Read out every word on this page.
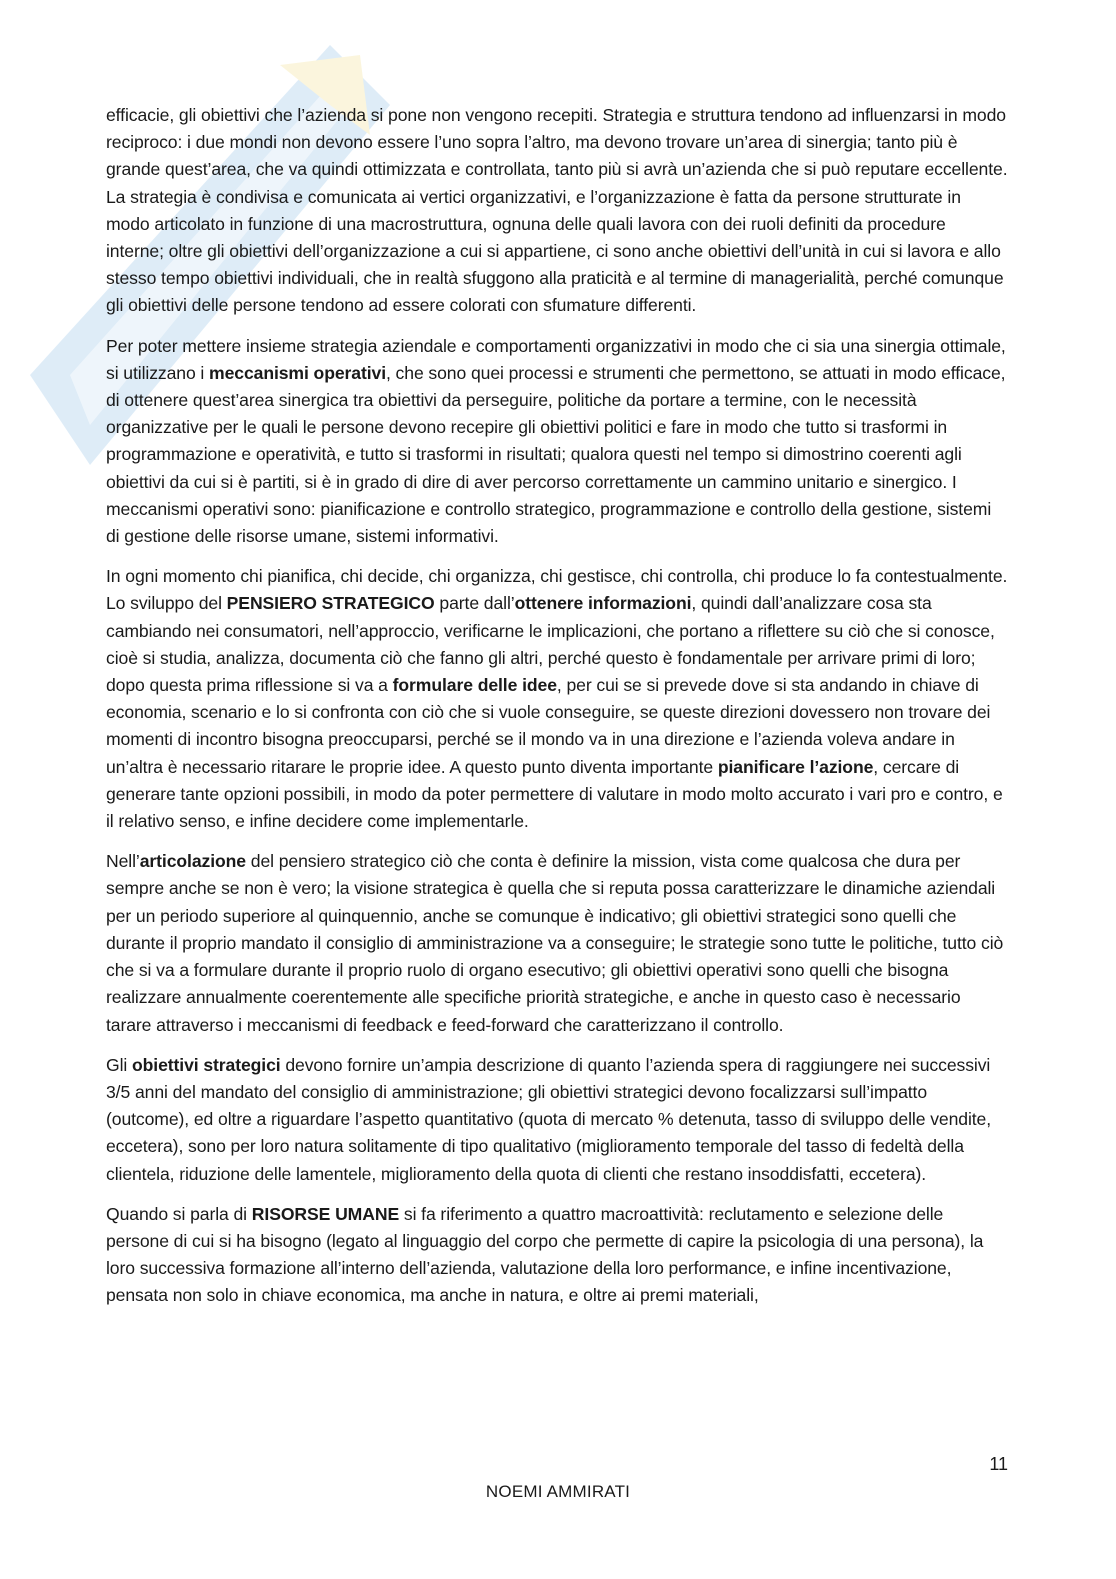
efficacie, gli obiettivi che l’azienda si pone non vengono recepiti. Strategia e struttura tendono ad influenzarsi in modo reciproco: i due mondi non devono essere l’uno sopra l’altro, ma devono trovare un’area di sinergia; tanto più è grande quest’area, che va quindi ottimizzata e controllata, tanto più si avrà un’azienda che si può reputare eccellente. La strategia è condivisa e comunicata ai vertici organizzativi, e l’organizzazione è fatta da persone strutturate in modo articolato in funzione di una macrostruttura, ognuna delle quali lavora con dei ruoli definiti da procedure interne; oltre gli obiettivi dell’organizzazione a cui si appartiene, ci sono anche obiettivi dell’unità in cui si lavora e allo stesso tempo obiettivi individuali, che in realtà sfuggono alla praticità e al termine di managerialità, perché comunque gli obiettivi delle persone tendono ad essere colorati con sfumature differenti.

Per poter mettere insieme strategia aziendale e comportamenti organizzativi in modo che ci sia una sinergia ottimale, si utilizzano i meccanismi operativi, che sono quei processi e strumenti che permettono, se attuati in modo efficace, di ottenere quest’area sinergica tra obiettivi da perseguire, politiche da portare a termine, con le necessità organizzative per le quali le persone devono recepire gli obiettivi politici e fare in modo che tutto si trasformi in programmazione e operatività, e tutto si trasformi in risultati; qualora questi nel tempo si dimostrino coerenti agli obiettivi da cui si è partiti, si è in grado di dire di aver percorso correttamente un cammino unitario e sinergico. I meccanismi operativi sono: pianificazione e controllo strategico, programmazione e controllo della gestione, sistemi di gestione delle risorse umane, sistemi informativi.

In ogni momento chi pianifica, chi decide, chi organizza, chi gestisce, chi controlla, chi produce lo fa contestualmente. Lo sviluppo del PENSIERO STRATEGICO parte dall’ottenere informazioni, quindi dall’analizzare cosa sta cambiando nei consumatori, nell’approccio, verificarne le implicazioni, che portano a riflettere su ciò che si conosce, cioè si studia, analizza, documenta ciò che fanno gli altri, perché questo è fondamentale per arrivare primi di loro; dopo questa prima riflessione si va a formulare delle idee, per cui se si prevede dove si sta andando in chiave di economia, scenario e lo si confronta con ciò che si vuole conseguire, se queste direzioni dovessero non trovare dei momenti di incontro bisogna preoccuparsi, perché se il mondo va in una direzione e l’azienda voleva andare in un’altra è necessario ritarare le proprie idee. A questo punto diventa importante pianificare l’azione, cercare di generare tante opzioni possibili, in modo da poter permettere di valutare in modo molto accurato i vari pro e contro, e il relativo senso, e infine decidere come implementarle.

Nell’articolazione del pensiero strategico ciò che conta è definire la mission, vista come qualcosa che dura per sempre anche se non è vero; la visione strategica è quella che si reputa possa caratterizzare le dinamiche aziendali per un periodo superiore al quinquennio, anche se comunque è indicativo; gli obiettivi strategici sono quelli che durante il proprio mandato il consiglio di amministrazione va a conseguire; le strategie sono tutte le politiche, tutto ciò che si va a formulare durante il proprio ruolo di organo esecutivo; gli obiettivi operativi sono quelli che bisogna realizzare annualmente coerentemente alle specifiche priorità strategiche, e anche in questo caso è necessario tarare attraverso i meccanismi di feedback e feed-forward che caratterizzano il controllo.

Gli obiettivi strategici devono fornire un’ampia descrizione di quanto l’azienda spera di raggiungere nei successivi 3/5 anni del mandato del consiglio di amministrazione; gli obiettivi strategici devono focalizzarsi sull’impatto (outcome), ed oltre a riguardare l’aspetto quantitativo (quota di mercato % detenuta, tasso di sviluppo delle vendite, eccetera), sono per loro natura solitamente di tipo qualitativo (miglioramento temporale del tasso di fedeltà della clientela, riduzione delle lamentele, miglioramento della quota di clienti che restano insoddisfatti, eccetera).

Quando si parla di RISORSE UMANE si fa riferimento a quattro macroattività: reclutamento e selezione delle persone di cui si ha bisogno (legato al linguaggio del corpo che permette di capire la psicologia di una persona), la loro successiva formazione all’interno dell’azienda, valutazione della loro performance, e infine incentivazione, pensata non solo in chiave economica, ma anche in natura, e oltre ai premi materiali,

11
NOEMI AMMIRATI
